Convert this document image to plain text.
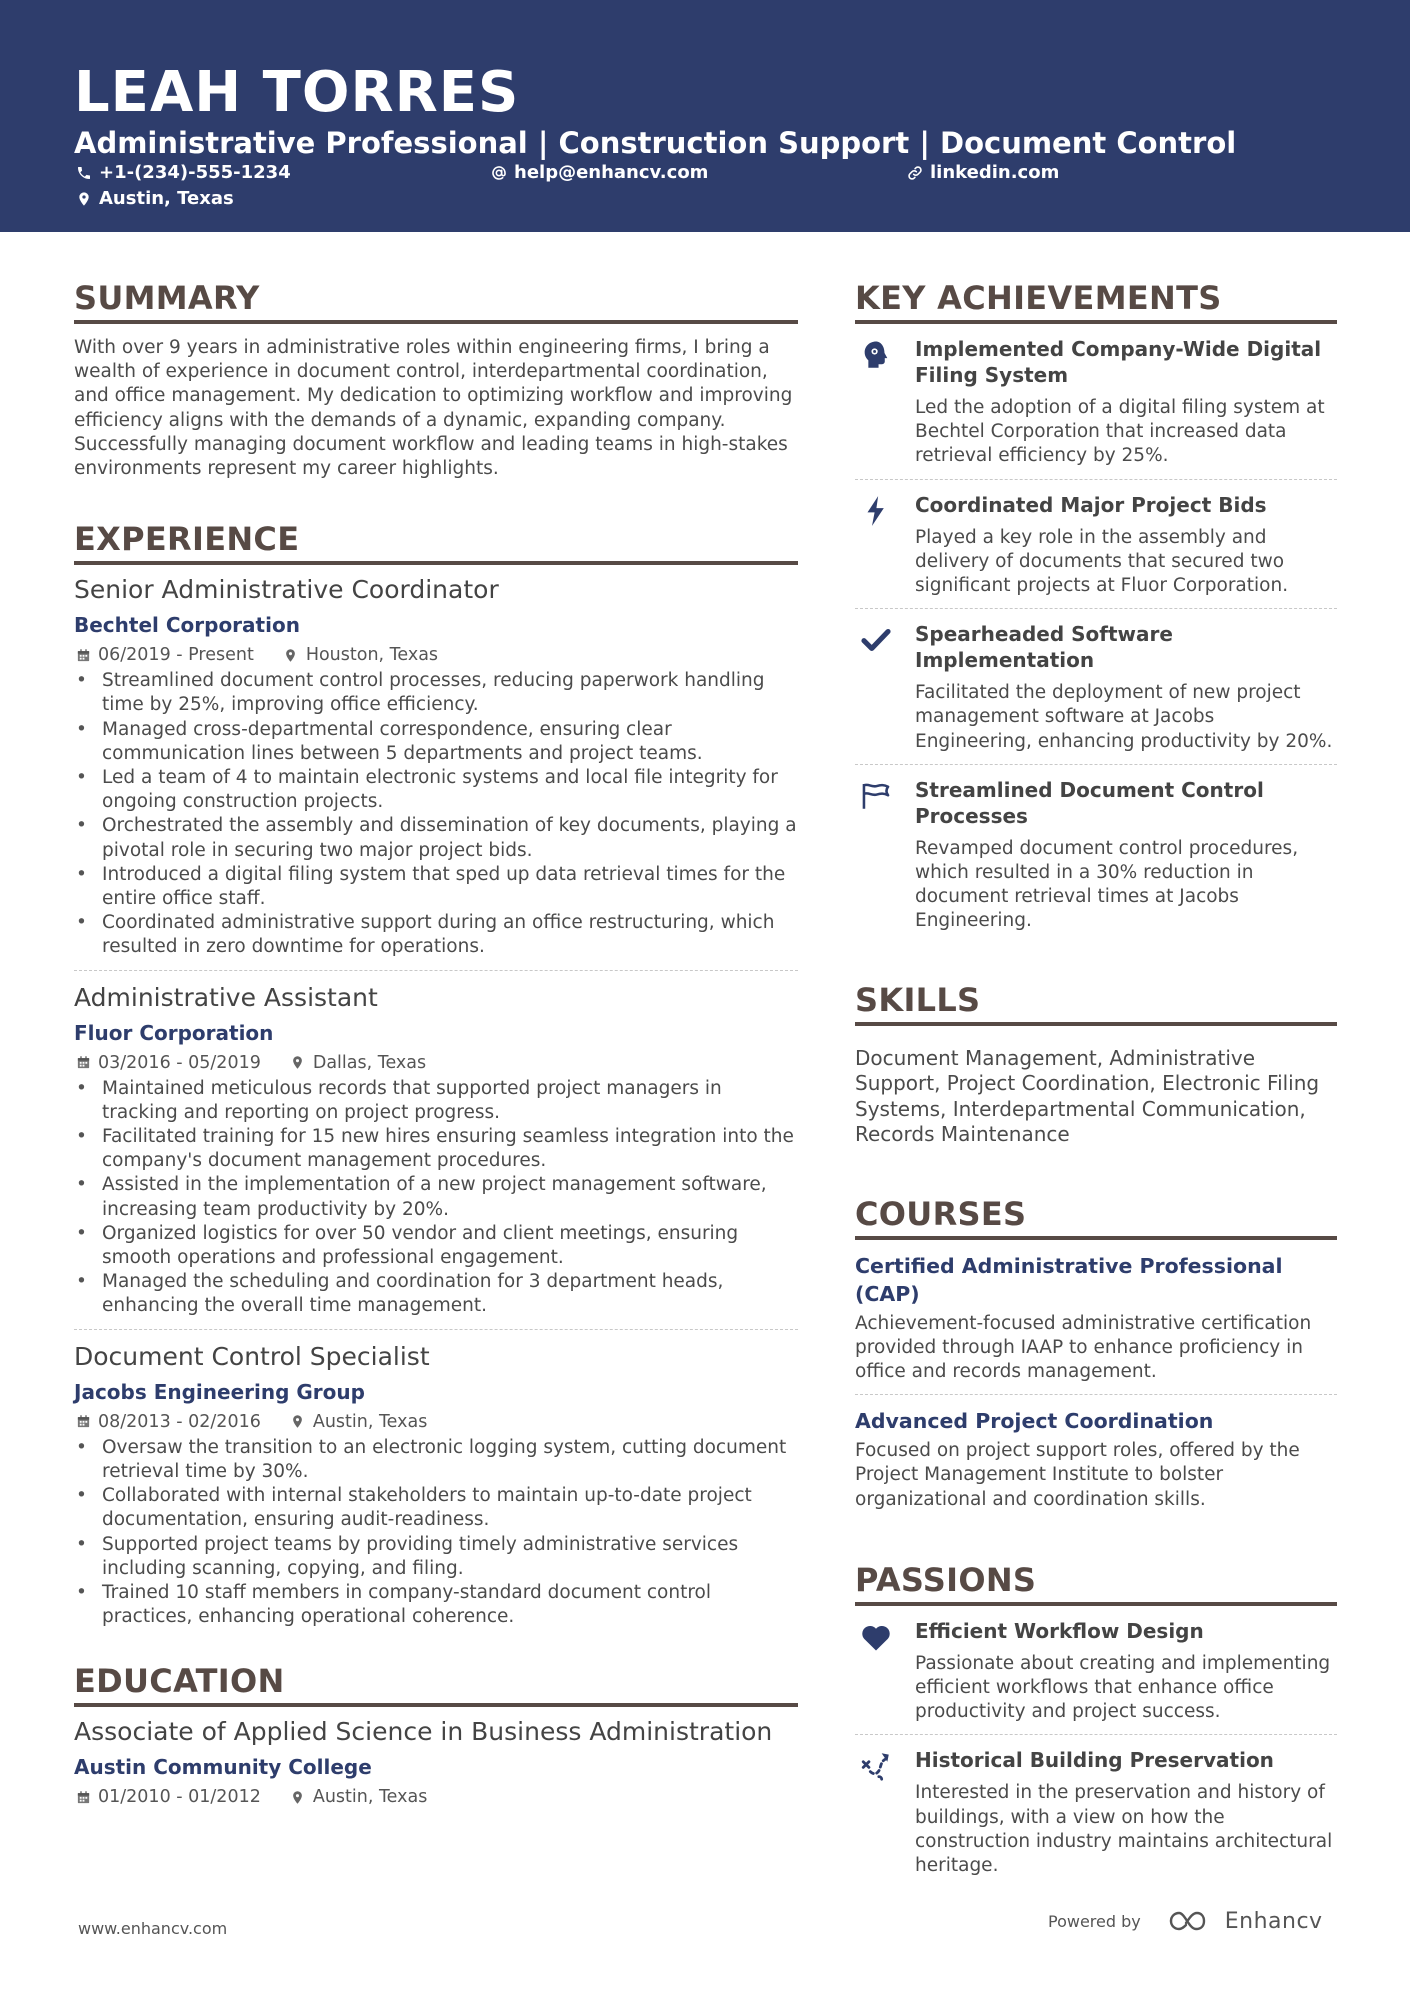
LEAH TORRES
Administrative Professional | Construction Support | Document Control
+1-(234)-555-1234	help@enhancv.com	linkedin.com
Austin, Texas
SUMMARY
With over 9 years in administrative roles within engineering firms, I bring a wealth of experience in document control, interdepartmental coordination, and office management. My dedication to optimizing workflow and improving efficiency aligns with the demands of a dynamic, expanding company. Successfully managing document workflow and leading teams in high-stakes environments represent my career highlights.
EXPERIENCE
Senior Administrative Coordinator
Bechtel Corporation
06/2019 - Present	Houston, Texas
• Streamlined document control processes, reducing paperwork handling time by 25%, improving office efficiency.
• Managed cross-departmental correspondence, ensuring clear communication lines between 5 departments and project teams.
• Led a team of 4 to maintain electronic systems and local file integrity for ongoing construction projects.
• Orchestrated the assembly and dissemination of key documents, playing a pivotal role in securing two major project bids.
• Introduced a digital filing system that sped up data retrieval times for the entire office staff.
• Coordinated administrative support during an office restructuring, which resulted in zero downtime for operations.
Administrative Assistant
Fluor Corporation
03/2016 - 05/2019	Dallas, Texas
• Maintained meticulous records that supported project managers in tracking and reporting on project progress.
• Facilitated training for 15 new hires ensuring seamless integration into the company's document management procedures.
• Assisted in the implementation of a new project management software, increasing team productivity by 20%.
• Organized logistics for over 50 vendor and client meetings, ensuring smooth operations and professional engagement.
• Managed the scheduling and coordination for 3 department heads, enhancing the overall time management.
Document Control Specialist
Jacobs Engineering Group
08/2013 - 02/2016	Austin, Texas
• Oversaw the transition to an electronic logging system, cutting document retrieval time by 30%.
• Collaborated with internal stakeholders to maintain up-to-date project documentation, ensuring audit-readiness.
• Supported project teams by providing timely administrative services including scanning, copying, and filing.
• Trained 10 staff members in company-standard document control practices, enhancing operational coherence.
EDUCATION
Associate of Applied Science in Business Administration
Austin Community College
01/2010 - 01/2012	Austin, Texas
KEY ACHIEVEMENTS
Implemented Company-Wide Digital Filing System
Led the adoption of a digital filing system at Bechtel Corporation that increased data retrieval efficiency by 25%.
Coordinated Major Project Bids
Played a key role in the assembly and delivery of documents that secured two significant projects at Fluor Corporation.
Spearheaded Software Implementation
Facilitated the deployment of new project management software at Jacobs Engineering, enhancing productivity by 20%.
Streamlined Document Control Processes
Revamped document control procedures, which resulted in a 30% reduction in document retrieval times at Jacobs Engineering.
SKILLS
Document Management, Administrative Support, Project Coordination, Electronic Filing Systems, Interdepartmental Communication, Records Maintenance
COURSES
Certified Administrative Professional (CAP)
Achievement-focused administrative certification provided through IAAP to enhance proficiency in office and records management.
Advanced Project Coordination
Focused on project support roles, offered by the Project Management Institute to bolster organizational and coordination skills.
PASSIONS
Efficient Workflow Design
Passionate about creating and implementing efficient workflows that enhance office productivity and project success.
Historical Building Preservation
Interested in the preservation and history of buildings, with a view on how the construction industry maintains architectural heritage.
www.enhancv.com	Powered by	Enhancv
